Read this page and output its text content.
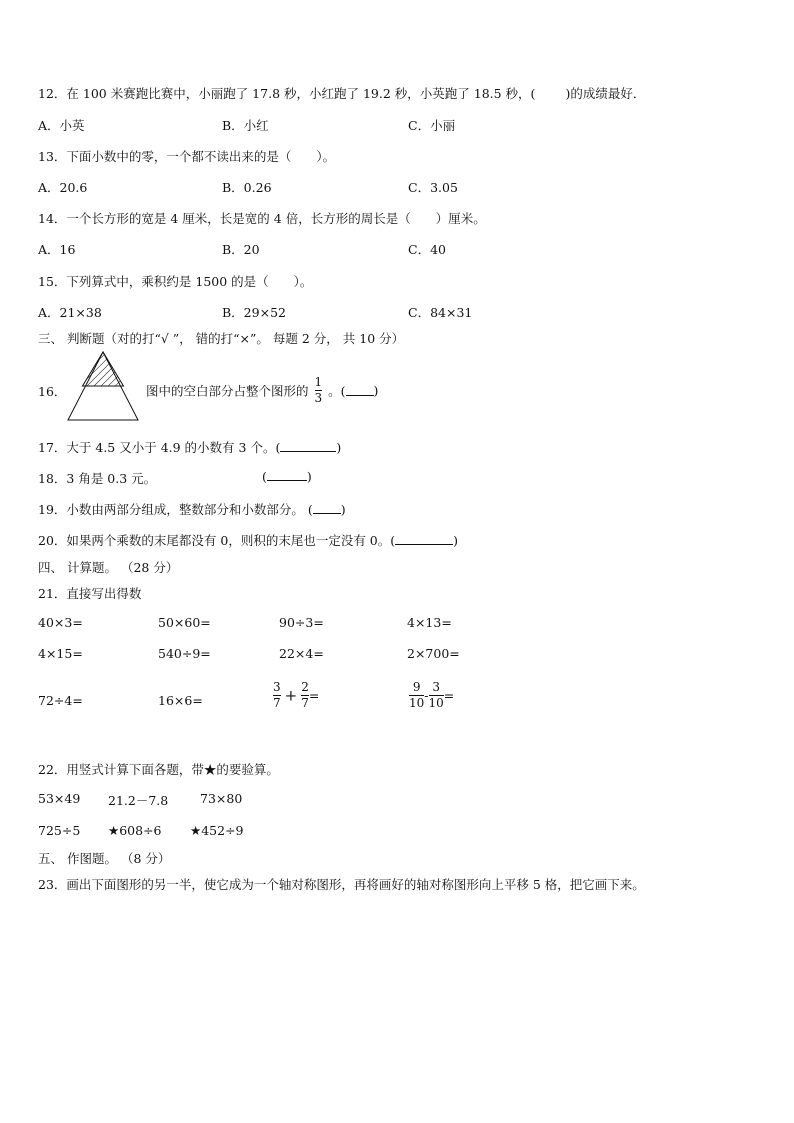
12．在 100 米赛跑比赛中，小丽跑了 17.8 秒，小红跑了 19.2 秒，小英跑了 18.5 秒，( )的成绩最好．
A．小英	B．小红	C．小丽
13．下面小数中的零，一个都不读出来的是（　　）。
A．20.6	B．0.26	C．3.05
14．一个长方形的宽是 4 厘米，长是宽的 4 倍，长方形的周长是（　　）厘米。
A．16	B．20	C．40
15．下列算式中，乘积约是 1500 的是（　　）。
A．21×38	B．29×52	C．84×31
三、 判断题（对的打“√ ”， 错的打“×”。 每题 2 分， 共 10 分）
16．	图中的空白部分占整个图形的 $\frac{1}{3}$ 。( )
17．大于 4.5 又小于 4.9 的小数有 3 个。(	)
18．3 角是 0.3 元。	(	)
19．小数由两部分组成，整数部分和小数部分。 ( )
20．如果两个乘数的末尾都没有 0，则积的末尾也一定没有 0。(	)
四、 计算题。 （28 分）
21．直接写出得数
40×3=	50×60=	90÷3=	4×13=
4×15=	540÷9=	22×4=	2×700=
72÷4=	16×6=	$\frac{3}{7} + \frac{2}{7}$ =	$\frac{9}{10} - \frac{3}{10}$ =
22．用竖式计算下面各题，带★的要验算。
53×49 21.2－7.8	73×80
725÷5 ★608÷6 ★452÷9
五、 作图题。 （8 分）
23．画出下面图形的另一半，使它成为一个轴对称图形，再将画好的轴对称图形向上平移 5 格，把它画下来。
